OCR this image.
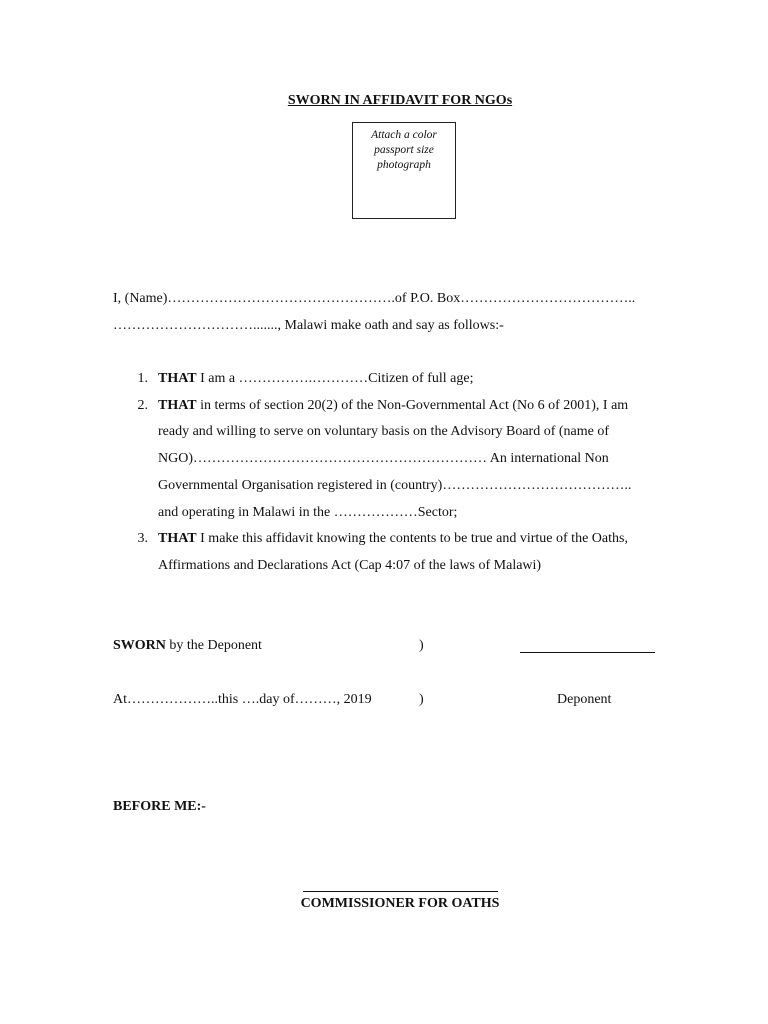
SWORN IN AFFIDAVIT FOR NGOs
Attach a color
passport size
photograph
I, (Name)………………………………………….of P.O. Box………………………………..
…………………………......., Malawi make oath and say as follows:-
1. THAT I am a …………….…………Citizen of full age;
2. THAT in terms of section 20(2) of the Non-Governmental Act (No 6 of 2001), I am
ready and willing to serve on voluntary basis on the Advisory Board of (name of
NGO)……………………………………………………… An international Non
Governmental Organisation registered in (country)…………………………………..
and operating in Malawi in the ………………Sector;
3. THAT I make this affidavit knowing the contents to be true and virtue of the Oaths,
Affirmations and Declarations Act (Cap 4:07 of the laws of Malawi)
SWORN by the Deponent	)
At………………..this ….day of………, 2019	)	Deponent
BEFORE ME:-
COMMISSIONER FOR OATHS
